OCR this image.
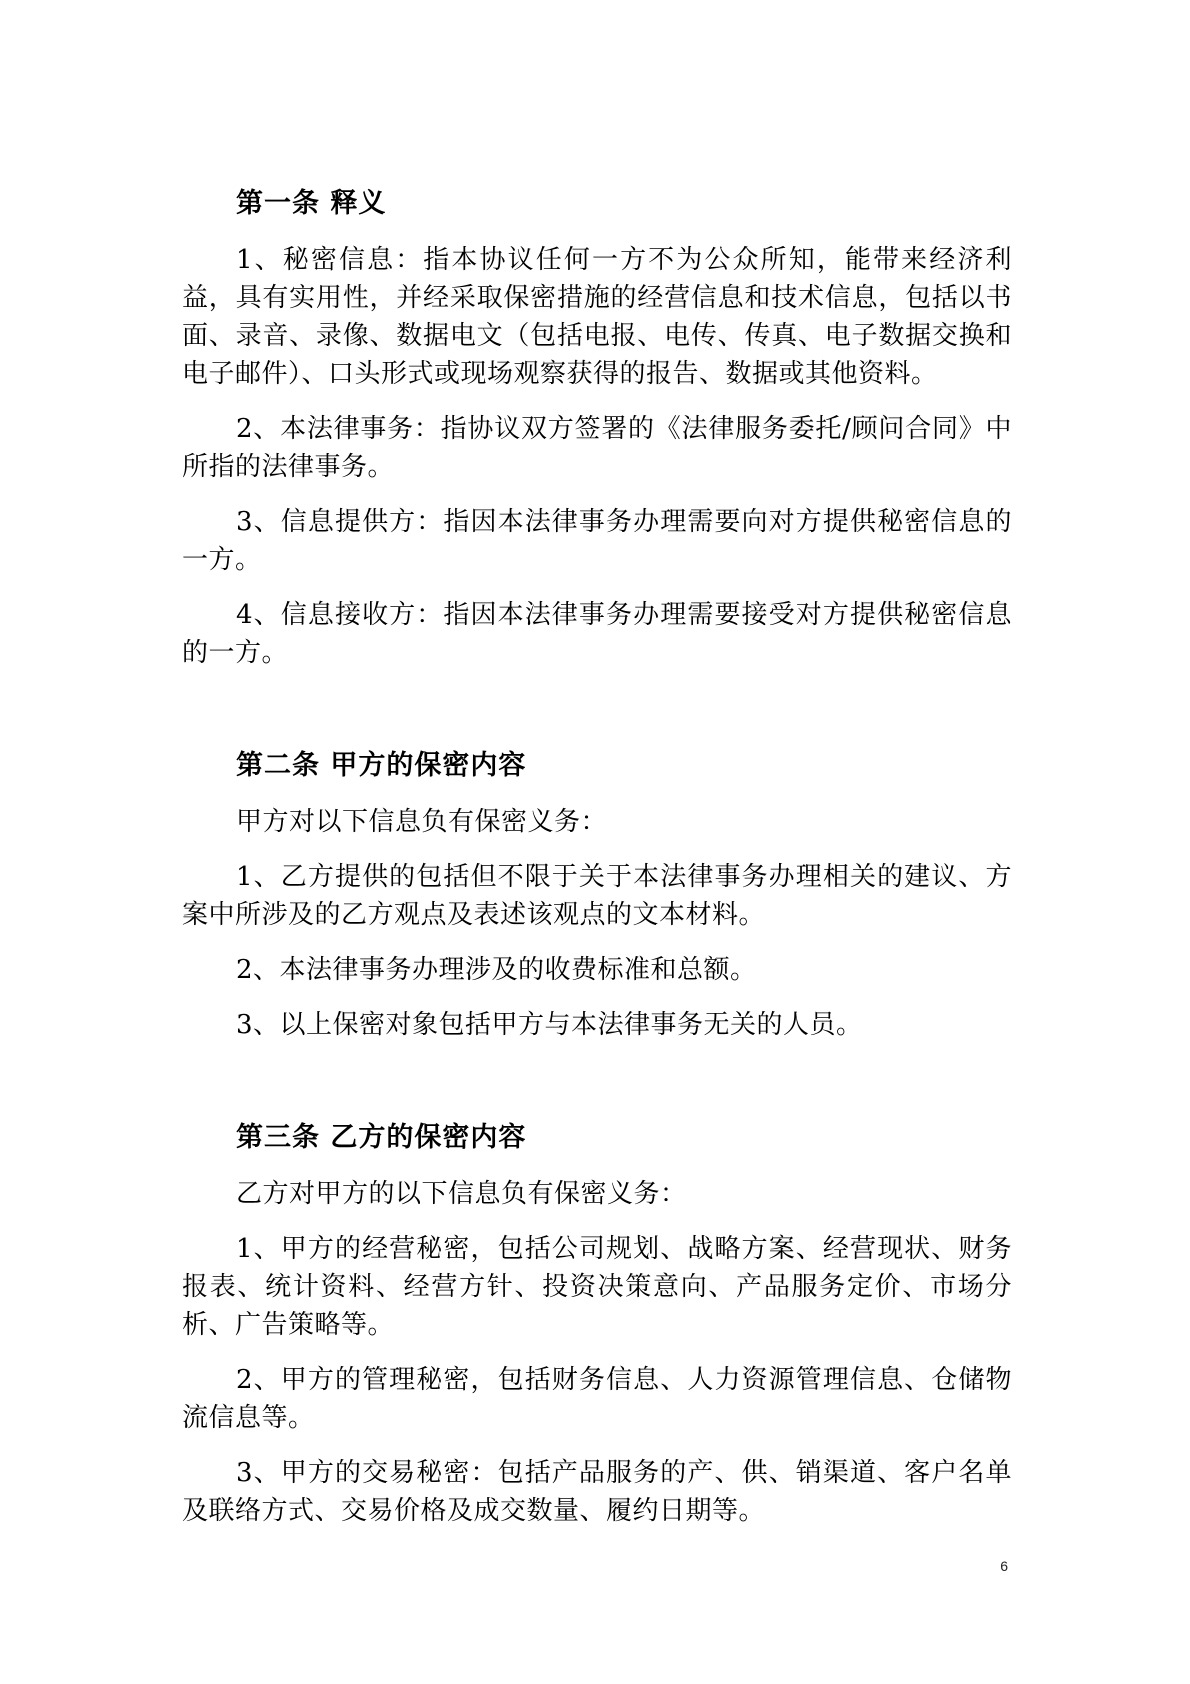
第一条 释义

1、秘密信息：指本协议任何一方不为公众所知，能带来经济利益，具有实用性，并经采取保密措施的经营信息和技术信息，包括以书面、录音、录像、数据电文（包括电报、电传、传真、电子数据交换和电子邮件）、口头形式或现场观察获得的报告、数据或其他资料。

2、本法律事务：指协议双方签署的《法律服务委托/顾问合同》中所指的法律事务。

3、信息提供方：指因本法律事务办理需要向对方提供秘密信息的一方。

4、信息接收方：指因本法律事务办理需要接受对方提供秘密信息的一方。

第二条 甲方的保密内容

甲方对以下信息负有保密义务：

1、乙方提供的包括但不限于关于本法律事务办理相关的建议、方案中所涉及的乙方观点及表述该观点的文本材料。

2、本法律事务办理涉及的收费标准和总额。

3、以上保密对象包括甲方与本法律事务无关的人员。

第三条 乙方的保密内容

乙方对甲方的以下信息负有保密义务：

1、甲方的经营秘密，包括公司规划、战略方案、经营现状、财务报表、统计资料、经营方针、投资决策意向、产品服务定价、市场分析、广告策略等。

2、甲方的管理秘密，包括财务信息、人力资源管理信息、仓储物流信息等。

3、甲方的交易秘密：包括产品服务的产、供、销渠道、客户名单及联络方式、交易价格及成交数量、履约日期等。

6
